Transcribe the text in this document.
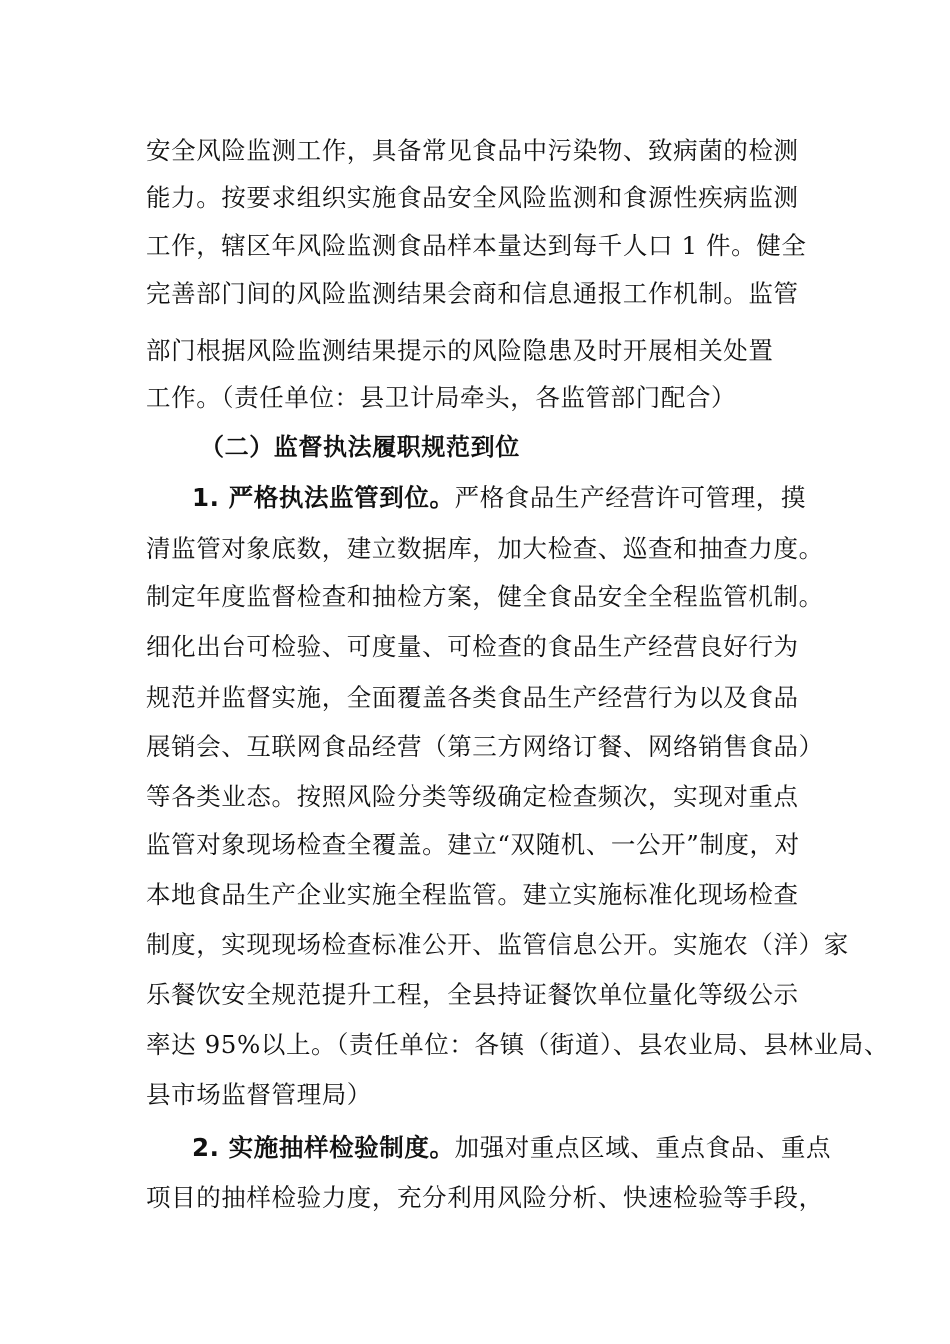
安全风险监测工作，具备常见食品中污染物、致病菌的检测
能力。按要求组织实施食品安全风险监测和食源性疾病监测
工作，辖区年风险监测食品样本量达到每千人口 1 件。健全
完善部门间的风险监测结果会商和信息通报工作机制。监管
部门根据风险监测结果提示的风险隐患及时开展相关处置
工作。（责任单位：县卫计局牵头，各监管部门配合）
（二）监督执法履职规范到位
1. 严格执法监管到位。严格食品生产经营许可管理，摸
清监管对象底数，建立数据库，加大检查、巡查和抽查力度。
制定年度监督检查和抽检方案，健全食品安全全程监管机制。
细化出台可检验、可度量、可检查的食品生产经营良好行为
规范并监督实施，全面覆盖各类食品生产经营行为以及食品
展销会、互联网食品经营（第三方网络订餐、网络销售食品）
等各类业态。按照风险分类等级确定检查频次，实现对重点
监管对象现场检查全覆盖。建立“双随机、一公开”制度，对
本地食品生产企业实施全程监管。建立实施标准化现场检查
制度，实现现场检查标准公开、监管信息公开。实施农（洋）家
乐餐饮安全规范提升工程，全县持证餐饮单位量化等级公示
率达 95%以上。（责任单位：各镇（街道）、县农业局、县林业局、
县市场监督管理局）
2. 实施抽样检验制度。加强对重点区域、重点食品、重点
项目的抽样检验力度，充分利用风险分析、快速检验等手段，
